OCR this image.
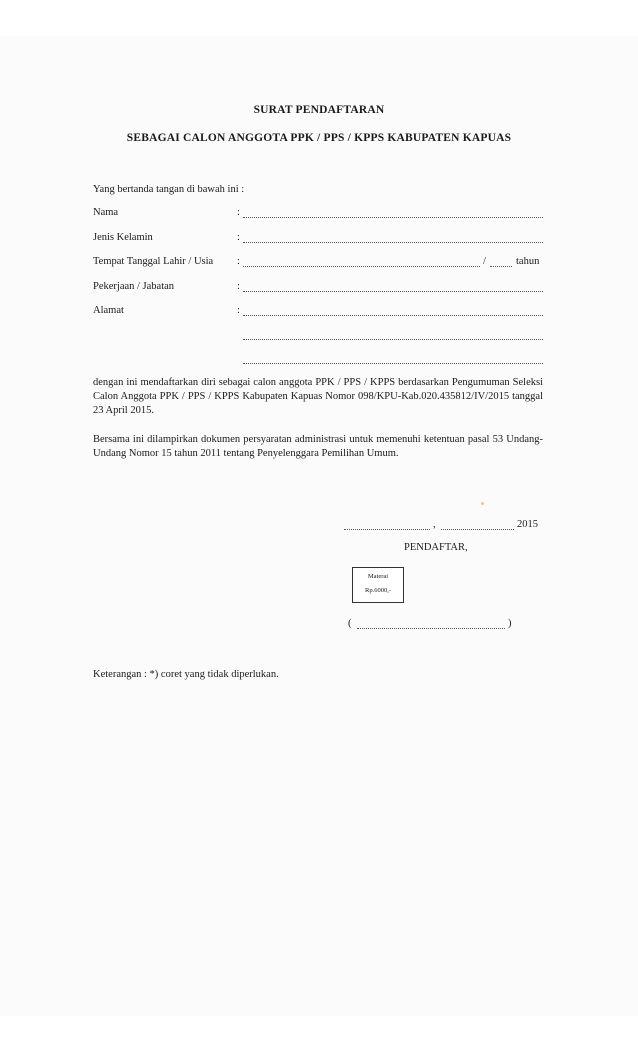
SURAT PENDAFTARAN
SEBAGAI CALON ANGGOTA PPK / PPS / KPPS KABUPATEN KAPUAS
Yang bertanda tangan di bawah ini :
Nama	:
Jenis Kelamin	:
Tempat Tanggal Lahir / Usia :	/	tahun
Pekerjaan / Jabatan	:
Alamat	:
dengan ini mendaftarkan diri sebagai calon anggota PPK / PPS / KPPS berdasarkan Pengumuman Seleksi Calon Anggota PPK / PPS / KPPS Kabupaten Kapuas Nomor 098/KPU-Kab.020.435812/IV/2015 tanggal 23 April 2015.
Bersama ini dilampirkan dokumen persyaratan administrasi untuk memenuhi ketentuan pasal 53 Undang-Undang Nomor 15 tahun 2011 tentang Penyelenggara Pemilihan Umum.
,	2015
PENDAFTAR,
Materai
Rp.6000,-
(	)
Keterangan : *) coret yang tidak diperlukan.
